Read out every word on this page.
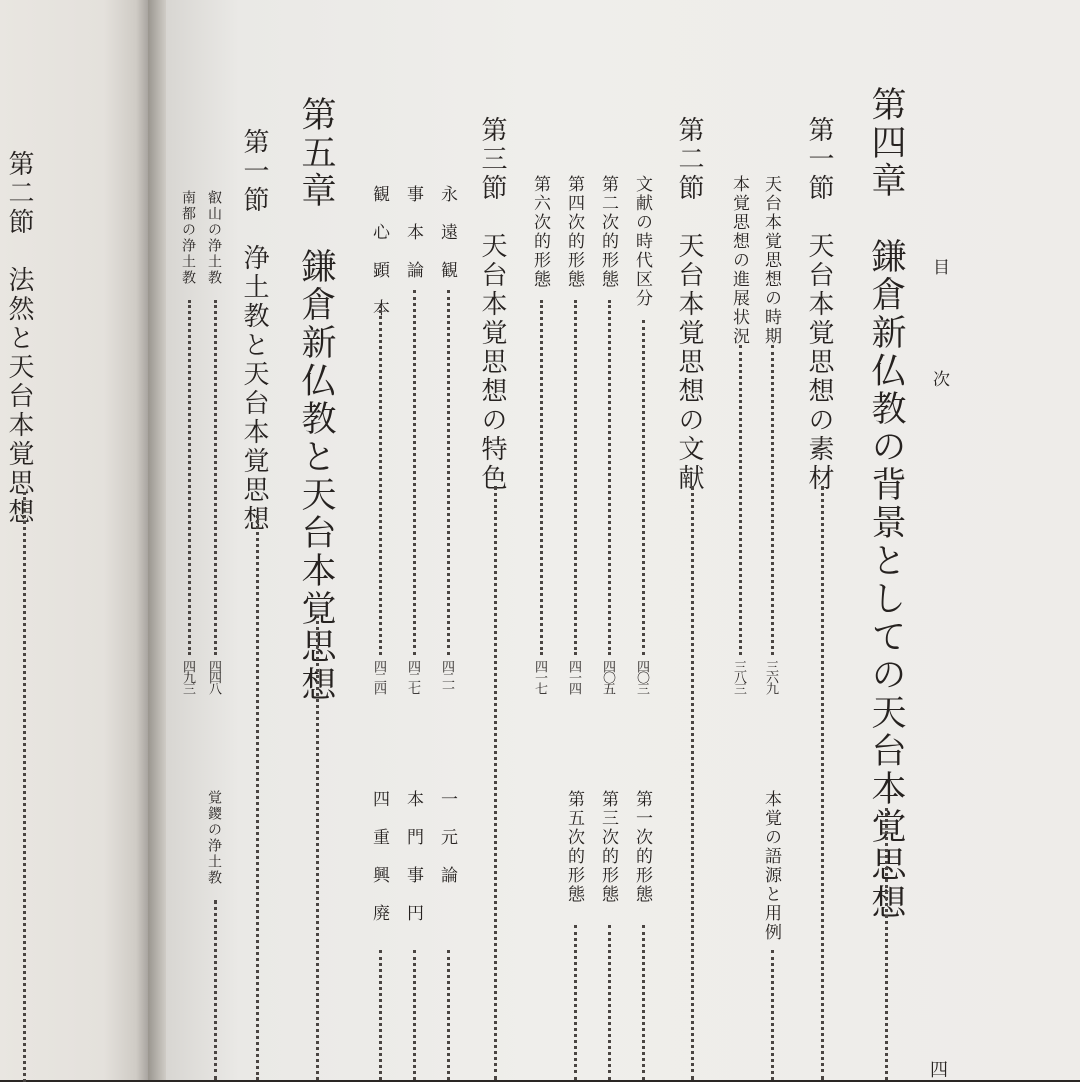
第二節　法然と天台本覚思想	目
次
第四章　鎌倉新仏教の背景としての天台本覚思想
四
第一節　天台本覚思想の素材
天台本覚思想の時期
三六九
本覚思想の進展状況
三八三
本覚の語源と用例
第二節　天台本覚思想の文献
文献の時代区分
四〇三
第二次的形態
四〇五
第四次的形態
四一四
第六次的形態
四一七
第一次的形態
第三次的形態
第五次的形態
第三節　天台本覚思想の特色
永　遠　観
四二一
事　本　論
四二七
観　心　顕　本
四二四
一　元　論
本　門　事　円
四　重　興　廃
第五章　鎌倉新仏教と天台本覚思想
第一節　浄土教と天台本覚思想
叡山の浄土教
四四八
南都の浄土教
四九三
覚鑁の浄土教
